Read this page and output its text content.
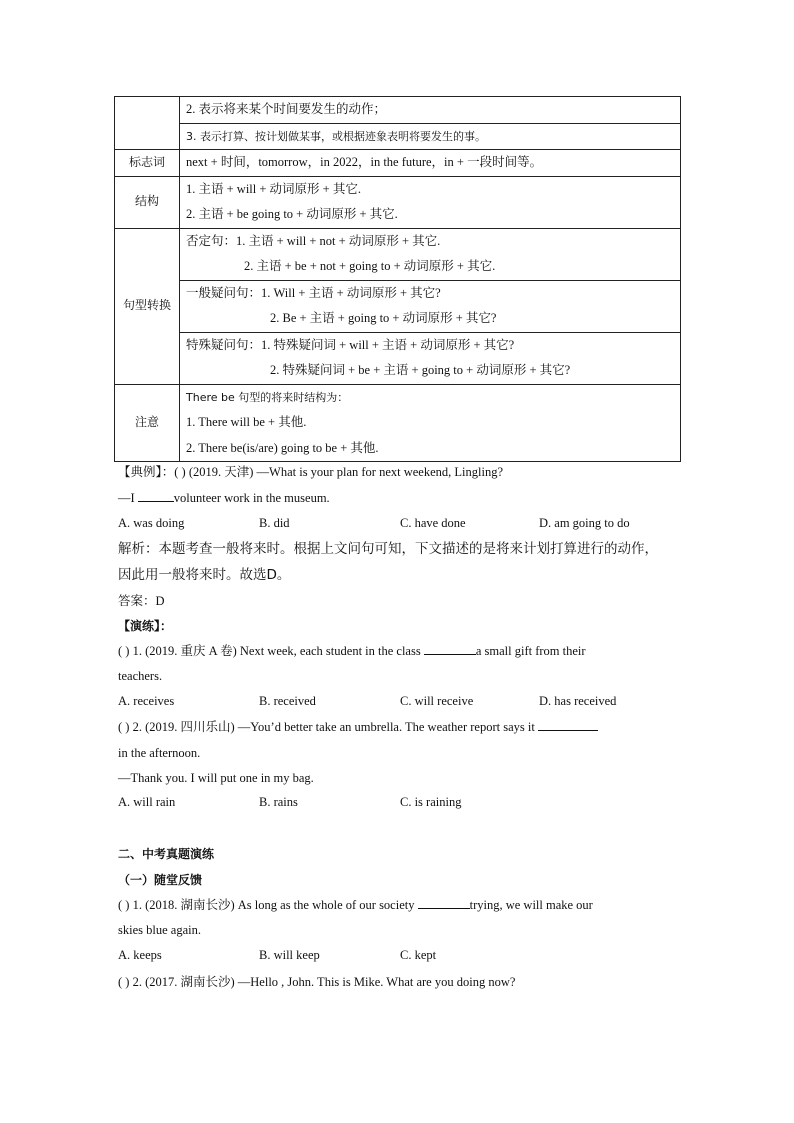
	2. 表示将来某个时间要发生的动作；

	3. 表示打算、按计划做某事，或根据迹象表明将要发生的事。

标志词	next + 时间，tomorrow，in 2022，in the future，in + 一段时间等。

结构	1. 主语 + will + 动词原形 + 其它.
2. 主语 + be going to + 动词原形 + 其它.

句型转换	否定句：1. 主语 + will + not + 动词原形 + 其它.
2. 主语 + be + not + going to + 动词原形 + 其它.

	一般疑问句：1. Will + 主语 + 动词原形 + 其它?
2. Be + 主语 + going to + 动词原形 + 其它?

	特殊疑问句：1. 特殊疑问词 + will + 主语 + 动词原形 + 其它?
2. 特殊疑问词 + be + 主语 + going to + 动词原形 + 其它?

注意	There be 句型的将来时结构为：
1. There will be + 其他.
2. There be(is/are) going to be + 其他.
【典例】：( ) (2019. 天津) —What is your plan for next weekend, Lingling?
—I	volunteer work in the museum.
A. was doing	B. did	C. have done	D. am going to do
解析：本题考查一般将来时。根据上文问句可知，下文描述的是将来计划打算进行的动作，
因此用一般将来时。故选D。
答案：D
【演练】：
( ) 1. (2019. 重庆 A 卷) Next week, each student in the class	a small gift from their
teachers.
A. receives	B. received	C. will receive	D. has received
( ) 2. (2019. 四川乐山) —You’d better take an umbrella. The weather report says it
in the afternoon.
—Thank you. I will put one in my bag.
A. will rain	B. rains	C. is raining
二、中考真题演练
（一）随堂反馈
( ) 1. (2018. 湖南长沙) As long as the whole of our society	trying, we will make our
skies blue again.
A. keeps	B. will keep	C. kept
( ) 2. (2017. 湖南长沙) —Hello , John. This is Mike. What are you doing now?
